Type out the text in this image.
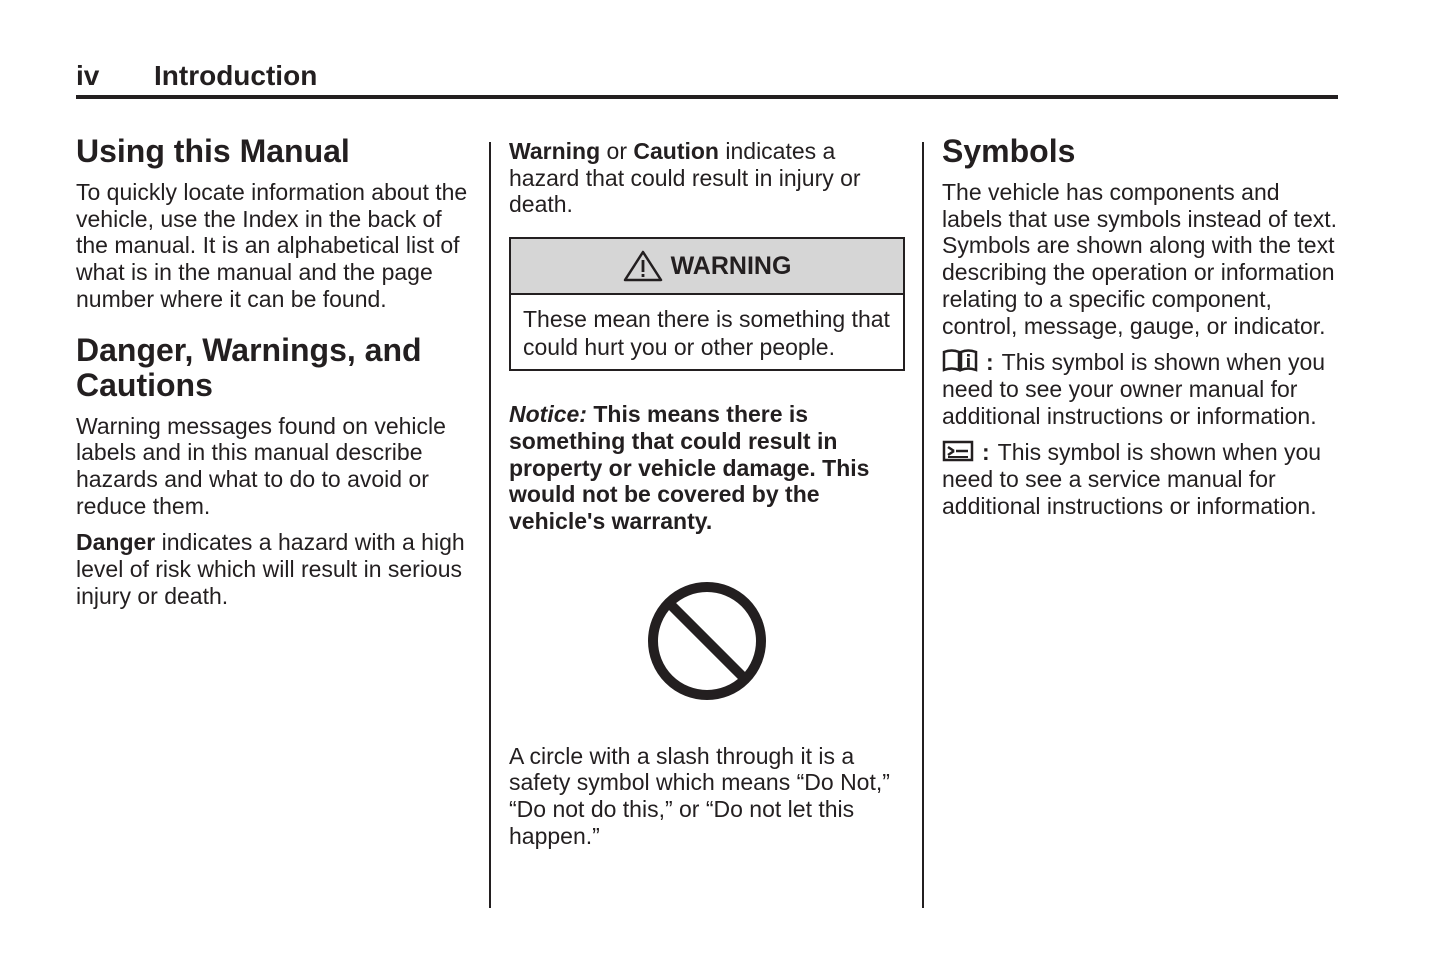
iv Introduction
Using this Manual

To quickly locate information about the vehicle, use the Index in the back of the manual. It is an alphabetical list of what is in the manual and the page number where it can be found.

Danger, Warnings, and Cautions

Warning messages found on vehicle labels and in this manual describe hazards and what to do to avoid or reduce them.

Danger indicates a hazard with a high level of risk which will result in serious injury or death.

Warning or Caution indicates a hazard that could result in injury or death.

WARNING
These mean there is something that could hurt you or other people.

Notice: This means there is something that could result in property or vehicle damage. This would not be covered by the vehicle's warranty.

A circle with a slash through it is a safety symbol which means “Do Not,” “Do not do this,” or “Do not let this happen.”

Symbols

The vehicle has components and labels that use symbols instead of text. Symbols are shown along with the text describing the operation or information relating to a specific component, control, message, gauge, or indicator.

: This symbol is shown when you need to see your owner manual for additional instructions or information.

: This symbol is shown when you need to see a service manual for additional instructions or information.
